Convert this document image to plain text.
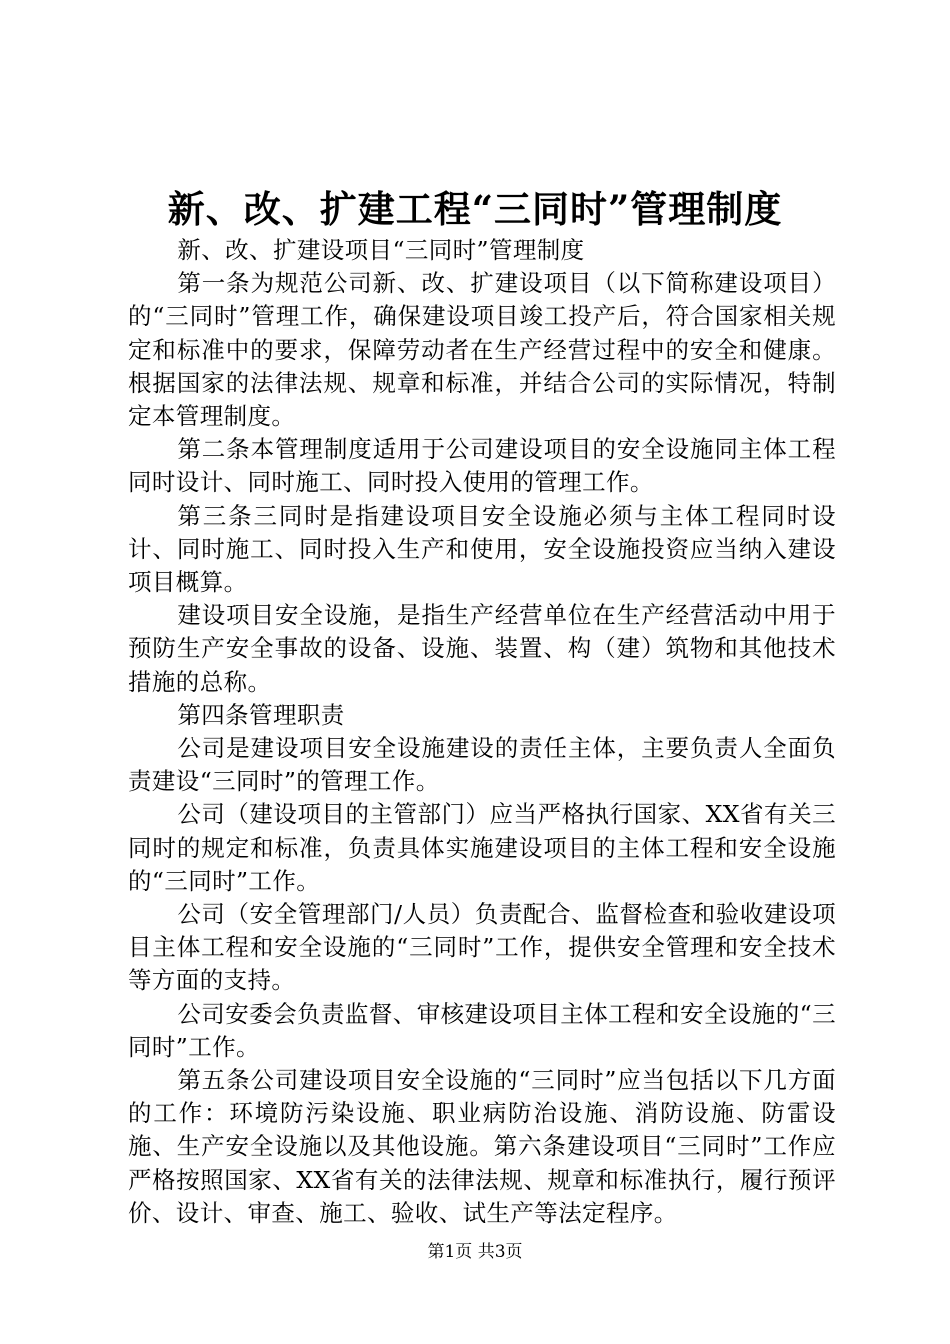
新、改、扩建工程“三同时”管理制度

新、改、扩建设项目“三同时”管理制度

第一条为规范公司新、改、扩建设项目（以下简称建设项目）的“三同时”管理工作，确保建设项目竣工投产后，符合国家相关规定和标准中的要求，保障劳动者在生产经营过程中的安全和健康。根据国家的法律法规、规章和标准，并结合公司的实际情况，特制定本管理制度。

第二条本管理制度适用于公司建设项目的安全设施同主体工程同时设计、同时施工、同时投入使用的管理工作。

第三条三同时是指建设项目安全设施必须与主体工程同时设计、同时施工、同时投入生产和使用，安全设施投资应当纳入建设项目概算。

建设项目安全设施，是指生产经营单位在生产经营活动中用于预防生产安全事故的设备、设施、装置、构（建）筑物和其他技术措施的总称。

第四条管理职责

公司是建设项目安全设施建设的责任主体，主要负责人全面负责建设“三同时”的管理工作。

公司（建设项目的主管部门）应当严格执行国家、XX省有关三同时的规定和标准，负责具体实施建设项目的主体工程和安全设施的“三同时”工作。

公司（安全管理部门/人员）负责配合、监督检查和验收建设项目主体工程和安全设施的“三同时”工作，提供安全管理和安全技术等方面的支持。

公司安委会负责监督、审核建设项目主体工程和安全设施的“三同时”工作。

第五条公司建设项目安全设施的“三同时”应当包括以下几方面的工作：环境防污染设施、职业病防治设施、消防设施、防雷设施、生产安全设施以及其他设施。第六条建设项目“三同时”工作应严格按照国家、XX省有关的法律法规、规章和标准执行，履行预评价、设计、审查、施工、验收、试生产等法定程序。

第1页 共3页
